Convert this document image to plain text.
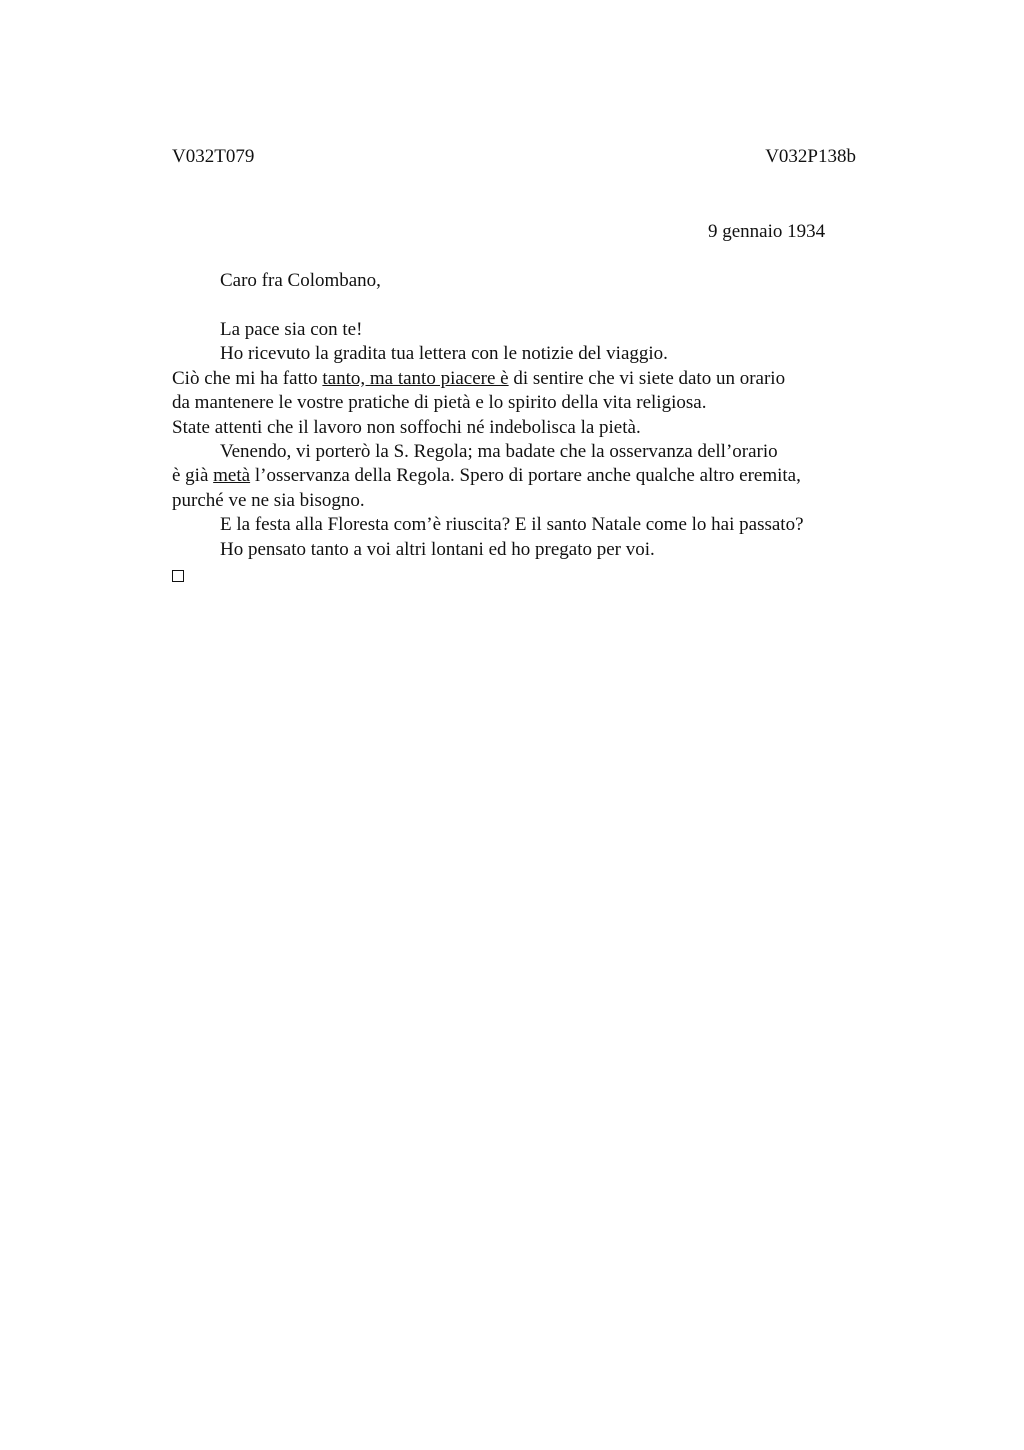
V032T079	V032P138b
9 gennaio 1934
Caro fra Colombano,
La pace sia con te!
Ho ricevuto la gradita tua lettera con le notizie del viaggio.
Ciò che mi ha fatto tanto, ma tanto piacere è di sentire che vi siete dato un orario
da mantenere le vostre pratiche di pietà e lo spirito della vita religiosa.
State attenti che il lavoro non soffochi né indebolisca la pietà.
Venendo, vi porterò la S. Regola; ma badate che la osservanza dell’orario
è già metà l’osservanza della Regola. Spero di portare anche qualche altro eremita,
purché ve ne sia bisogno.
E la festa alla Floresta com’è riuscita? E il santo Natale come lo hai passato?
Ho pensato tanto a voi altri lontani ed ho pregato per voi.
